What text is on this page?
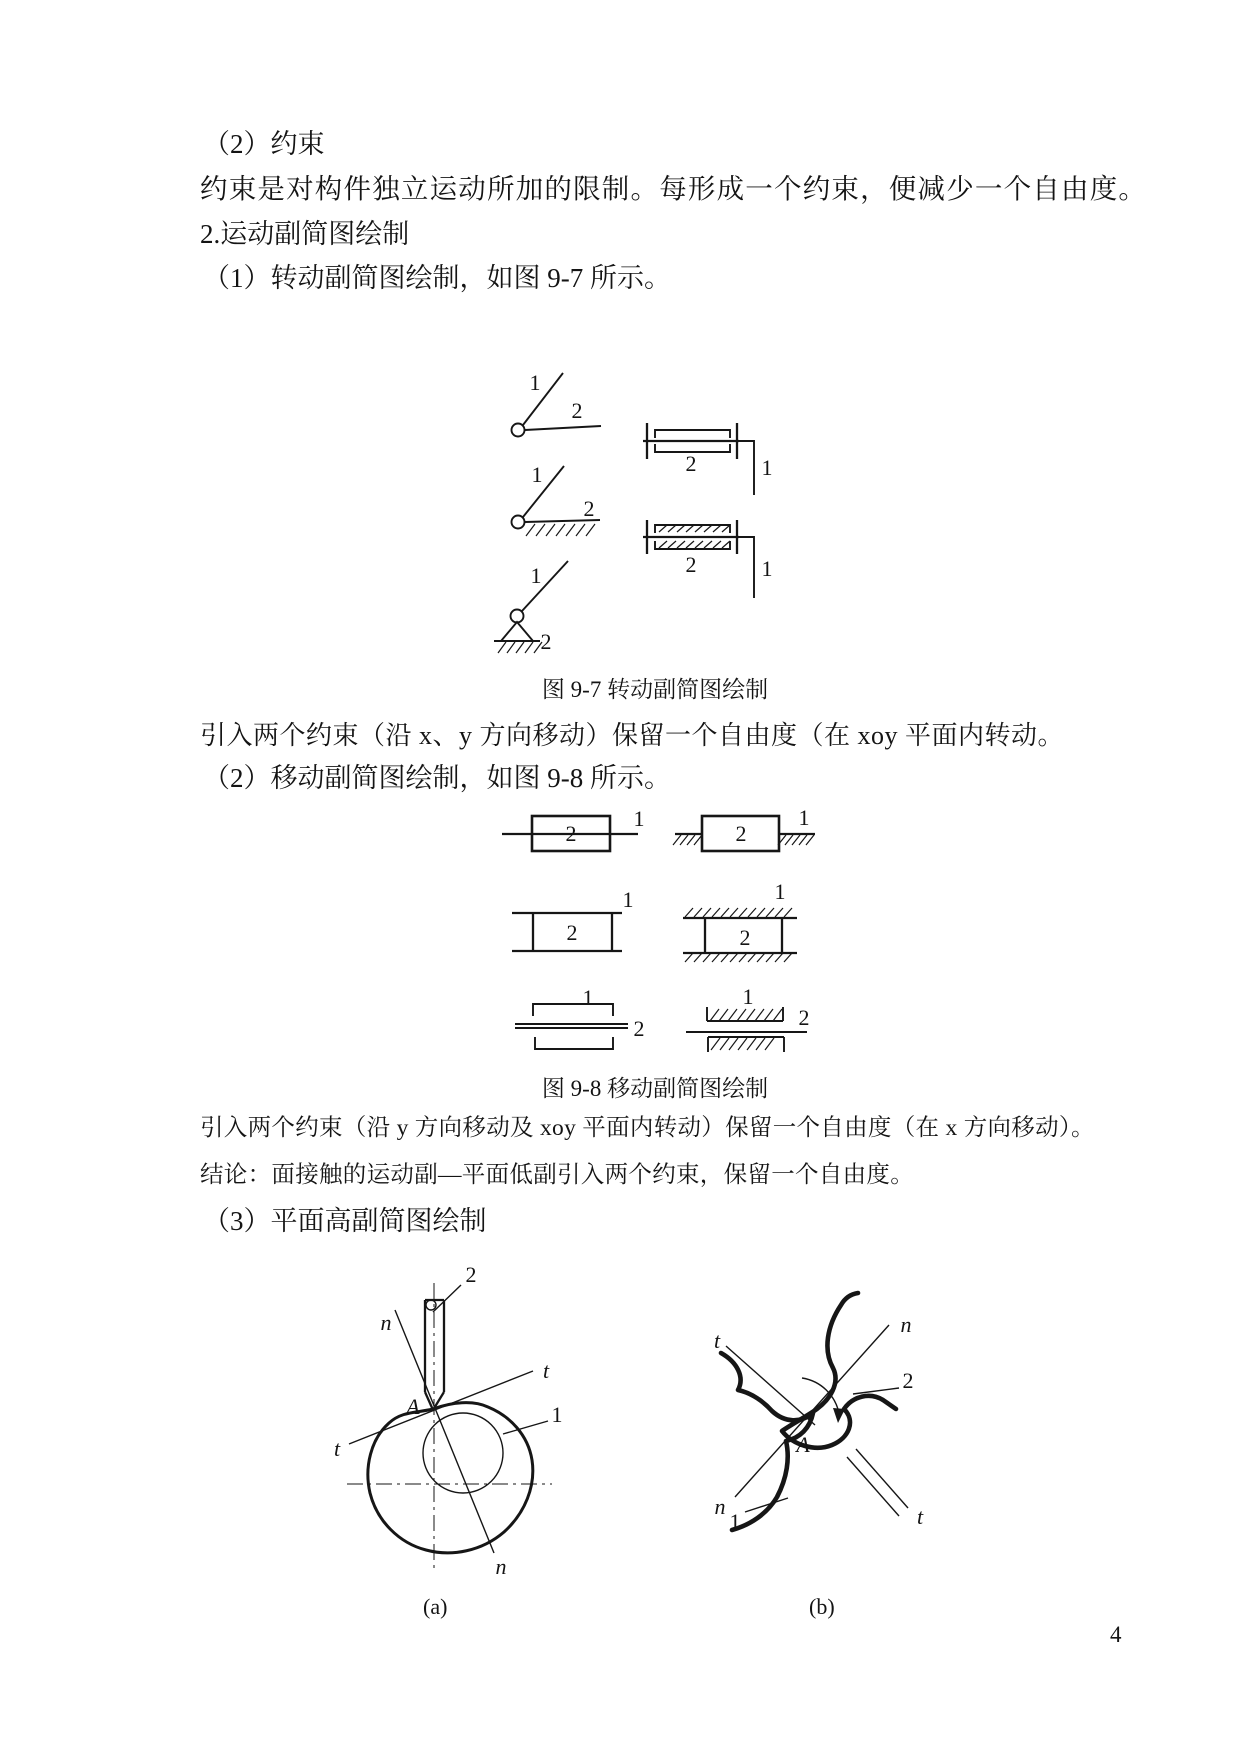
（2）约束
约束是对构件独立运动所加的限制。每形成一个约束，便减少一个自由度。
2.运动副简图绘制
（1）转动副简图绘制，如图 9-7 所示。
1
2
1
2
1
2
2	1
2	1
图 9-7 转动副简图绘制
引入两个约束（沿 x、y 方向移动）保留一个自由度（在 xoy 平面内转动。
（2）移动副简图绘制，如图 9-8 所示。
2
1
2
1
2
1
2
1
1
2
1
2
图 9-8 移动副简图绘制
引入两个约束（沿 y 方向移动及 xoy 平面内转动）保留一个自由度（在 x 方向移动）。
结论：面接触的运动副—平面低副引入两个约束，保留一个自由度。
（3）平面高副简图绘制
2
1
n
n
t
t
A
2
1
n
n
t
t
A
(a)	(b)
4
